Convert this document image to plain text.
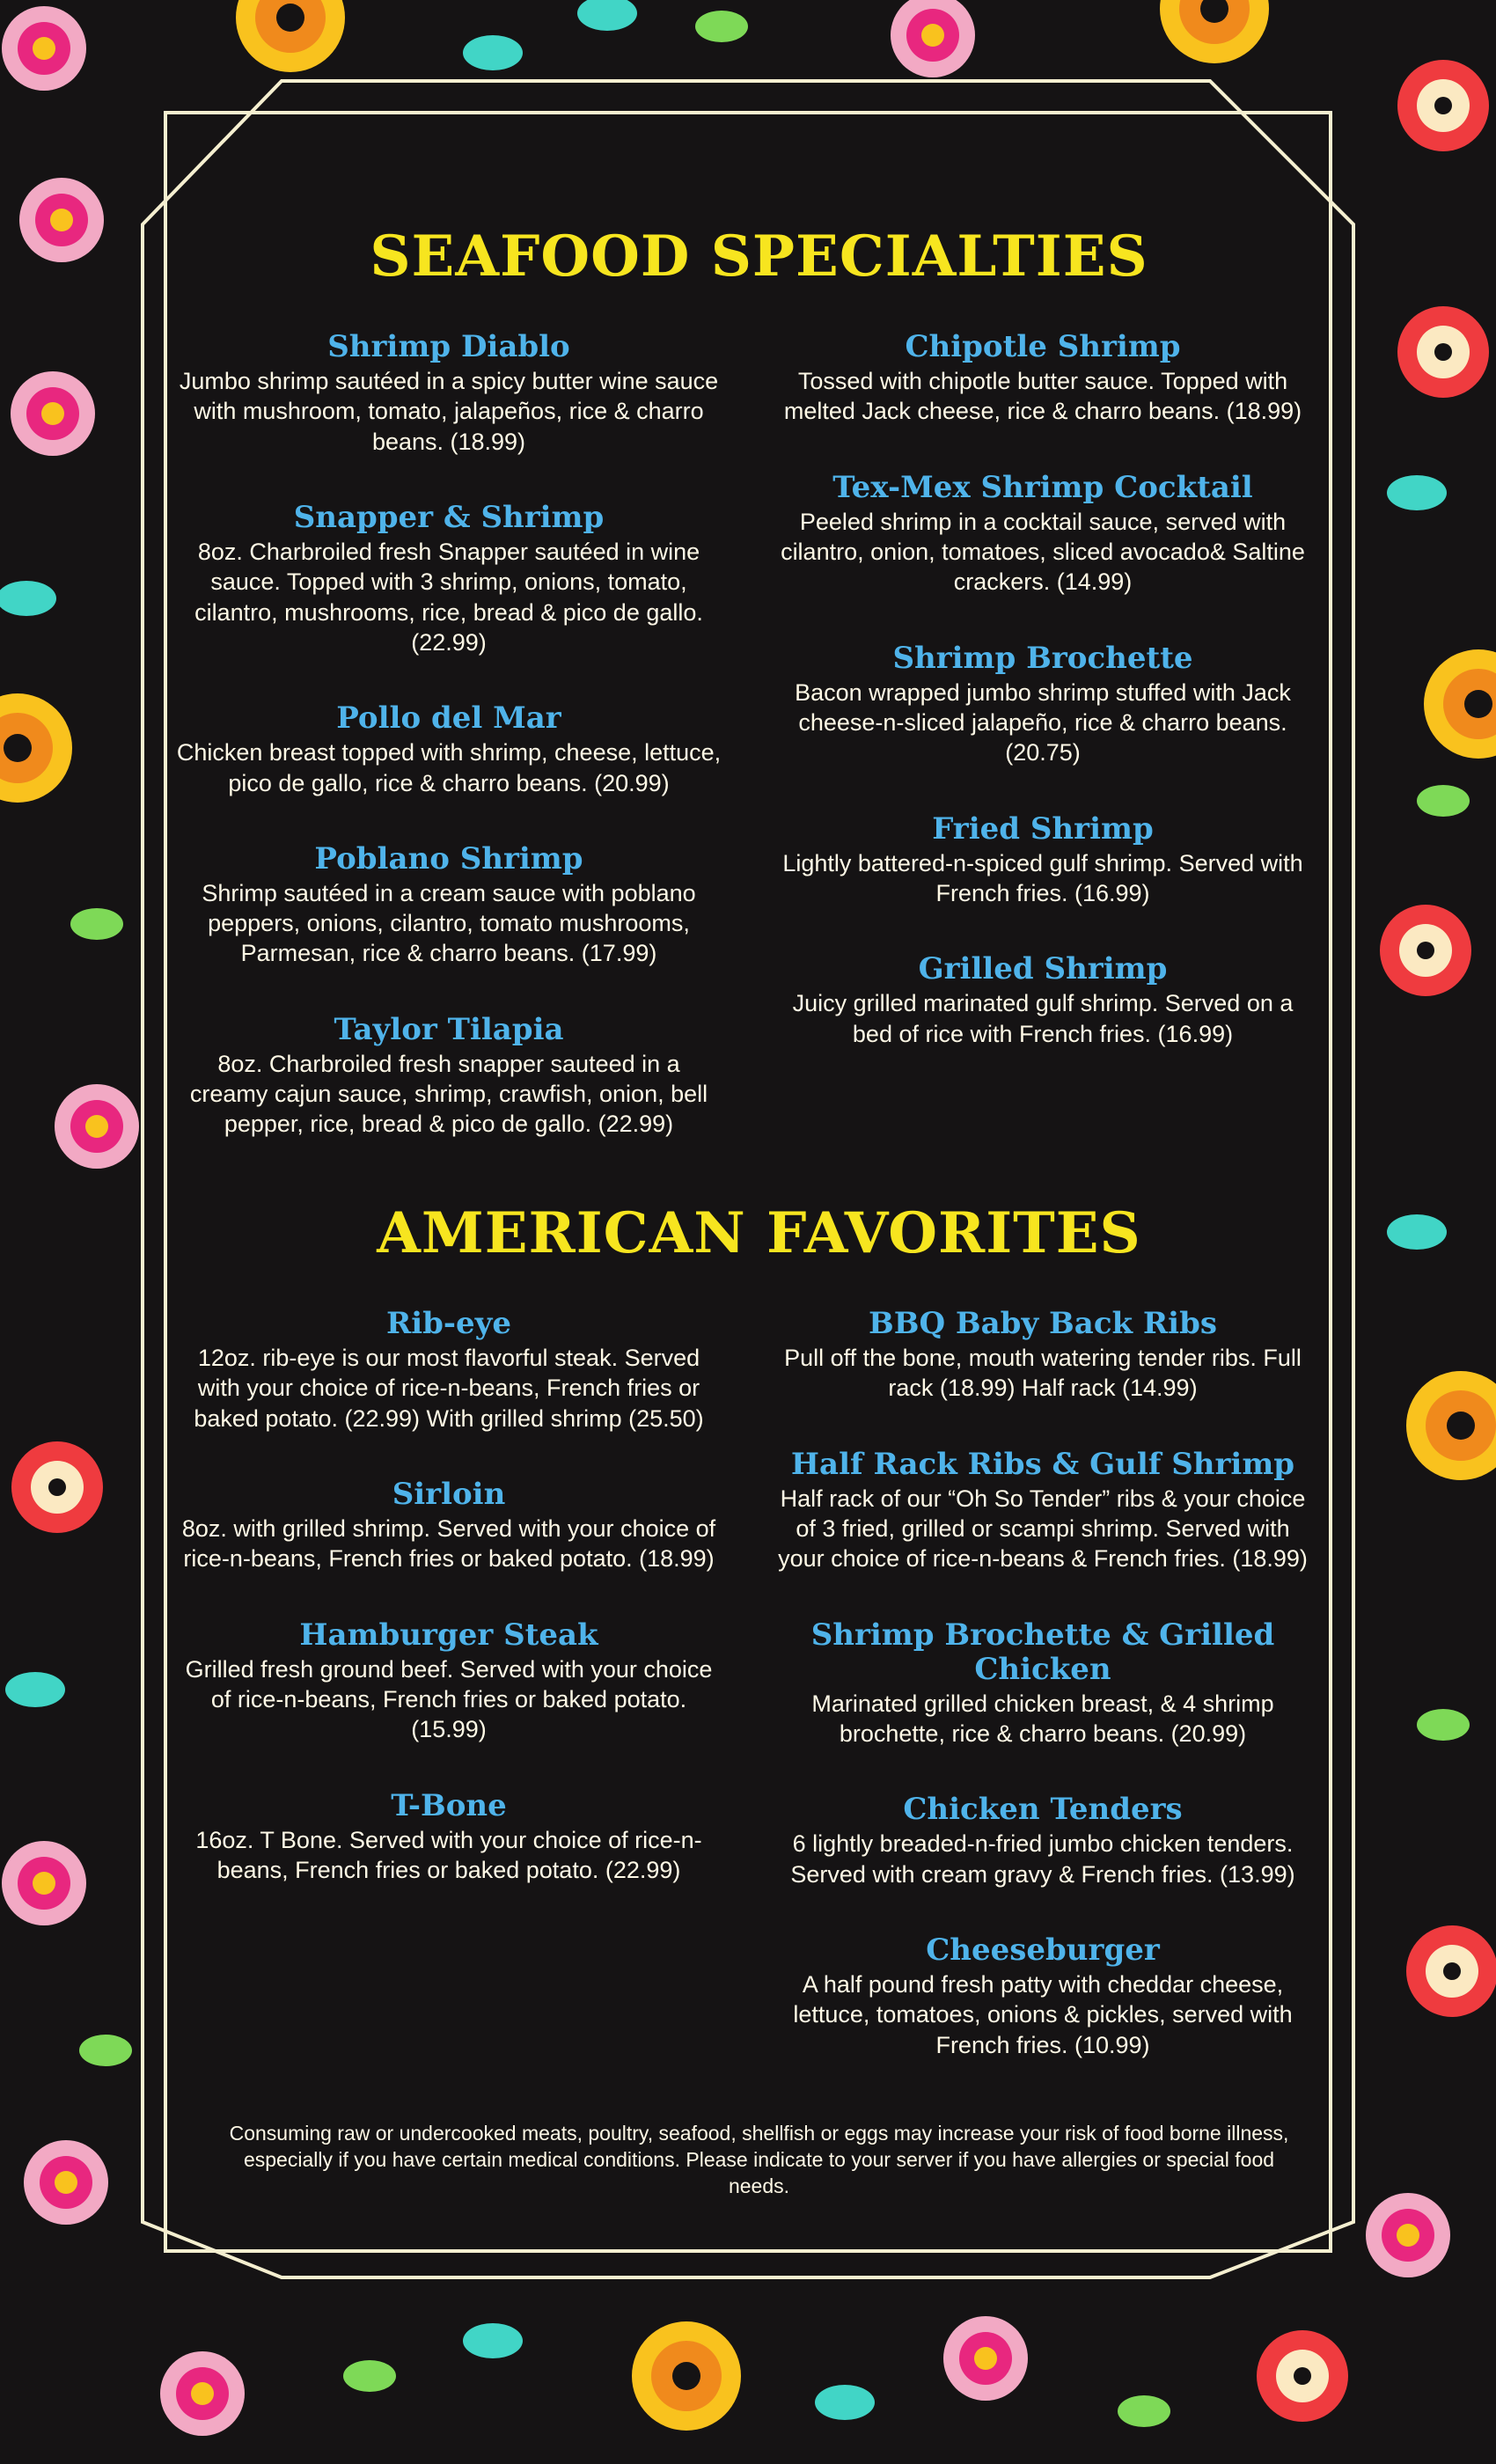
SEAFOOD SPECIALTIES
Shrimp Diablo
Jumbo shrimp sautéed in a spicy butter wine sauce with mushroom, tomato, jalapeños, rice & charro beans. (18.99)
Snapper & Shrimp
8oz. Charbroiled fresh Snapper sautéed in wine sauce. Topped with 3 shrimp, onions, tomato, cilantro, mushrooms, rice, bread & pico de gallo. (22.99)
Pollo del Mar
Chicken breast topped with shrimp, cheese, lettuce, pico de gallo, rice & charro beans. (20.99)
Poblano Shrimp
Shrimp sautéed in a cream sauce with poblano peppers, onions, cilantro, tomato mushrooms, Parmesan, rice & charro beans. (17.99)
Taylor Tilapia
8oz. Charbroiled fresh snapper sauteed in a creamy cajun sauce, shrimp, crawfish, onion, bell pepper, rice, bread & pico de gallo. (22.99)
Chipotle Shrimp
Tossed with chipotle butter sauce. Topped with melted Jack cheese, rice & charro beans. (18.99)
Tex-Mex Shrimp Cocktail
Peeled shrimp in a cocktail sauce, served with cilantro, onion, tomatoes, sliced avocado& Saltine crackers. (14.99)
Shrimp Brochette
Bacon wrapped jumbo shrimp stuffed with Jack cheese-n-sliced jalapeño, rice & charro beans. (20.75)
Fried Shrimp
Lightly battered-n-spiced gulf shrimp. Served with French fries. (16.99)
Grilled Shrimp
Juicy grilled marinated gulf shrimp. Served on a bed of rice with French fries. (16.99)
AMERICAN FAVORITES
Rib-eye
12oz. rib-eye is our most flavorful steak. Served with your choice of rice-n-beans, French fries or baked potato. (22.99) With grilled shrimp (25.50)
Sirloin
8oz. with grilled shrimp. Served with your choice of rice-n-beans, French fries or baked potato. (18.99)
Hamburger Steak
Grilled fresh ground beef. Served with your choice of rice-n-beans, French fries or baked potato. (15.99)
T-Bone
16oz. T Bone. Served with your choice of rice-n-beans, French fries or baked potato. (22.99)
BBQ Baby Back Ribs
Pull off the bone, mouth watering tender ribs. Full rack (18.99) Half rack (14.99)
Half Rack Ribs & Gulf Shrimp
Half rack of our “Oh So Tender” ribs & your choice of 3 fried, grilled or scampi shrimp. Served with your choice of rice-n-beans & French fries. (18.99)
Shrimp Brochette & Grilled Chicken
Marinated grilled chicken breast, & 4 shrimp brochette, rice & charro beans. (20.99)
Chicken Tenders
6 lightly breaded-n-fried jumbo chicken tenders. Served with cream gravy & French fries. (13.99)
Cheeseburger
A half pound fresh patty with cheddar cheese, lettuce, tomatoes, onions & pickles, served with French fries. (10.99)
Consuming raw or undercooked meats, poultry, seafood, shellfish or eggs may increase your risk of food borne illness, especially if you have certain medical conditions. Please indicate to your server if you have allergies or special food needs.
